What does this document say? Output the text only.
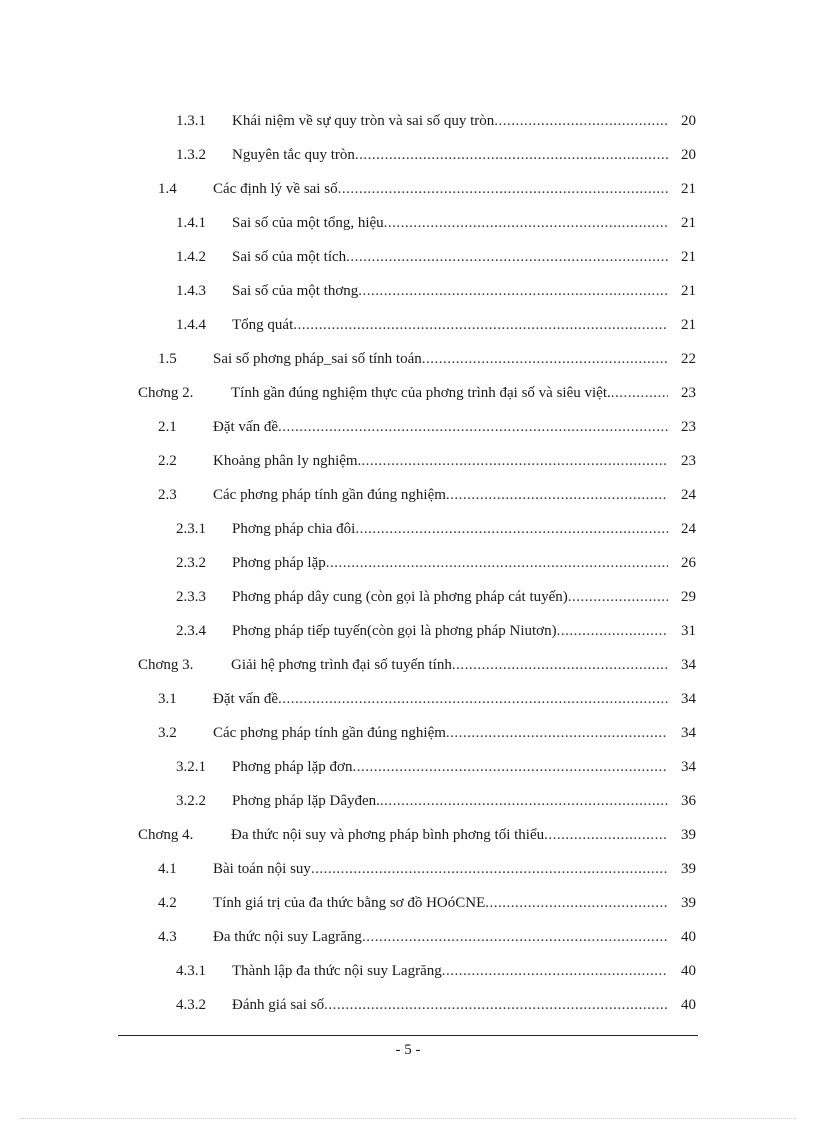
1.3.1 Khái niệm về sự quy tròn và sai số quy tròn .....	20
1.3.2 Nguyên tắc quy tròn .....	20
1.4 Các định lý về sai số .....	21
1.4.1 Sai số của một tổng, hiệu .....	21
1.4.2 Sai số của một tích .....	21
1.4.3 Sai số của một thơng .....	21
1.4.4 Tổng quát .....	21
1.5 Sai số phơng pháp_sai số tính toán .....	22
Chơng 2.	Tính gần đúng nghiệm thực của phơng trình đại số và siêu việt. .....	23
2.1 Đặt vấn đề .....	23
2.2 Khoảng phân ly nghiệm. .....	23
2.3 Các phơng pháp tính gần đúng nghiệm .....	24
2.3.1 Phơng pháp chia đôi .....	24
2.3.2 Phơng pháp lặp .....	26
2.3.3 Phơng pháp dây cung (còn gọi là phơng pháp cát tuyến) .....	29
2.3.4 Phơng pháp tiếp tuyến(còn gọi là phơng pháp Niutơn) .....	31
Chơng 3.	Giải hệ phơng trình đại số tuyến tính .....	34
3.1 Đặt vấn đề .....	34
3.2 Các phơng pháp tính gần đúng nghiệm .....	34
3.2.1 Phơng pháp lặp đơn .....	34
3.2.2 Phơng pháp lặp Dâyđen. .....	36
Chơng 4.	Đa thức nội suy và phơng pháp bình phơng tối thiểu .....	39
4.1 Bài toán nội suy .....	39
4.2 Tính giá trị của đa thức bằng sơ đồ HOóCNE .....	39
4.3 Đa thức nội suy Lagrăng .....	40
4.3.1 Thành lập đa thức nội suy Lagrăng .....	40
4.3.2 Đánh giá sai số .....	40
- 5 -
